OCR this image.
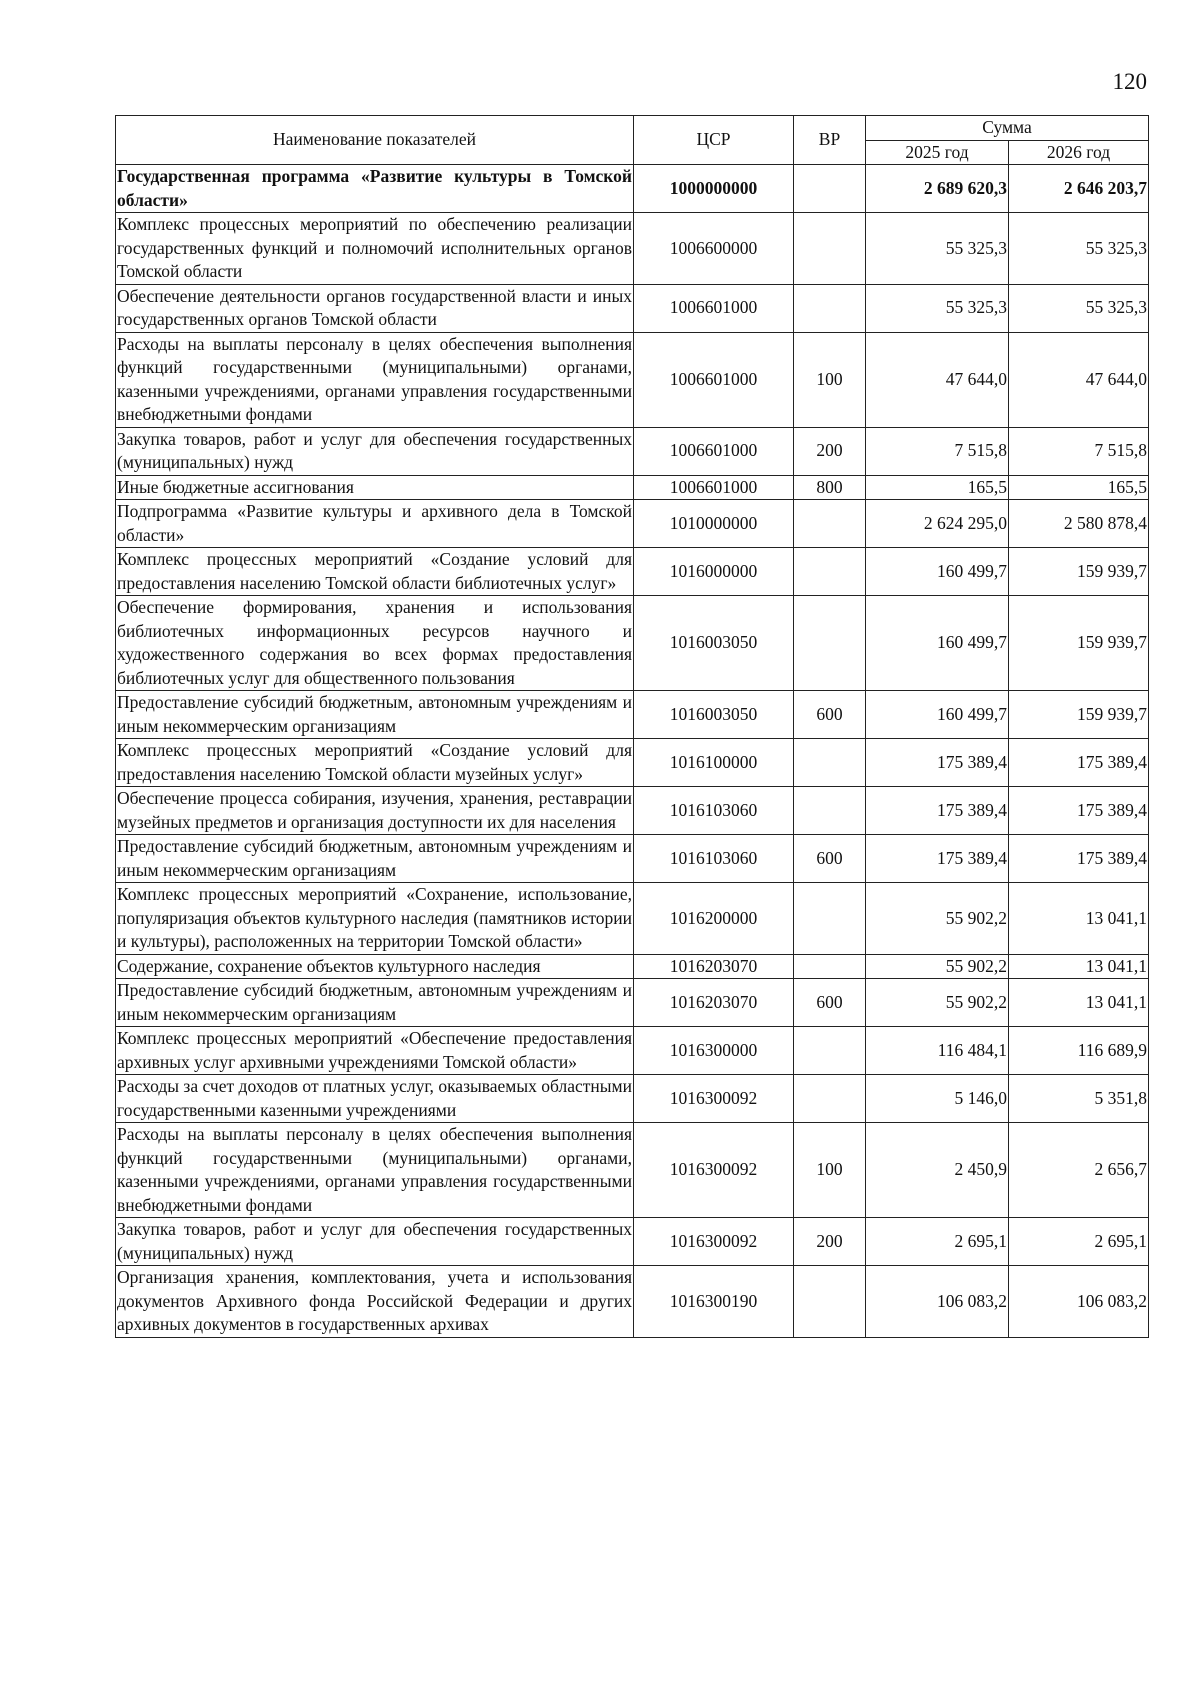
120
Наименование показателей	ЦСР	ВР	Сумма	
			2025 год	2026 год
Государственная программа «Развитие культуры в Томской области»	1000000000		2 689 620,3	2 646 203,7
Комплекс процессных мероприятий по обеспечению реализации государственных функций и полномочий исполнительных органов Томской области	1006600000		55 325,3	55 325,3
Обеспечение деятельности органов государственной власти и иных государственных органов Томской области	1006601000		55 325,3	55 325,3
Расходы на выплаты персоналу в целях обеспечения выполнения функций государственными (муниципальными) органами, казенными учреждениями, органами управления государственными внебюджетными фондами	1006601000	100	47 644,0	47 644,0
Закупка товаров, работ и услуг для обеспечения государственных (муниципальных) нужд	1006601000	200	7 515,8	7 515,8
Иные бюджетные ассигнования	1006601000	800	165,5	165,5
Подпрограмма «Развитие культуры и архивного дела в Томской области»	1010000000		2 624 295,0	2 580 878,4
Комплекс процессных мероприятий «Создание условий для предоставления населению Томской области библиотечных услуг»	1016000000		160 499,7	159 939,7
Обеспечение формирования, хранения и использования библиотечных информационных ресурсов научного и художественного содержания во всех формах предоставления библиотечных услуг для общественного пользования	1016003050		160 499,7	159 939,7
Предоставление субсидий бюджетным, автономным учреждениям и иным некоммерческим организациям	1016003050	600	160 499,7	159 939,7
Комплекс процессных мероприятий «Создание условий для предоставления населению Томской области музейных услуг»	1016100000		175 389,4	175 389,4
Обеспечение процесса собирания, изучения, хранения, реставрации музейных предметов и организация доступности их для населения	1016103060		175 389,4	175 389,4
Предоставление субсидий бюджетным, автономным учреждениям и иным некоммерческим организациям	1016103060	600	175 389,4	175 389,4
Комплекс процессных мероприятий «Сохранение, использование, популяризация объектов культурного наследия (памятников истории и культуры), расположенных на территории Томской области»	1016200000		55 902,2	13 041,1
Содержание, сохранение объектов культурного наследия	1016203070		55 902,2	13 041,1
Предоставление субсидий бюджетным, автономным учреждениям и иным некоммерческим организациям	1016203070	600	55 902,2	13 041,1
Комплекс процессных мероприятий «Обеспечение предоставления архивных услуг архивными учреждениями Томской области»	1016300000		116 484,1	116 689,9
Расходы за счет доходов от платных услуг, оказываемых областными государственными казенными учреждениями	1016300092		5 146,0	5 351,8
Расходы на выплаты персоналу в целях обеспечения выполнения функций государственными (муниципальными) органами, казенными учреждениями, органами управления государственными внебюджетными фондами	1016300092	100	2 450,9	2 656,7
Закупка товаров, работ и услуг для обеспечения государственных (муниципальных) нужд	1016300092	200	2 695,1	2 695,1
Организация хранения, комплектования, учета и использования документов Архивного фонда Российской Федерации и других архивных документов в государственных архивах	1016300190		106 083,2	106 083,2
